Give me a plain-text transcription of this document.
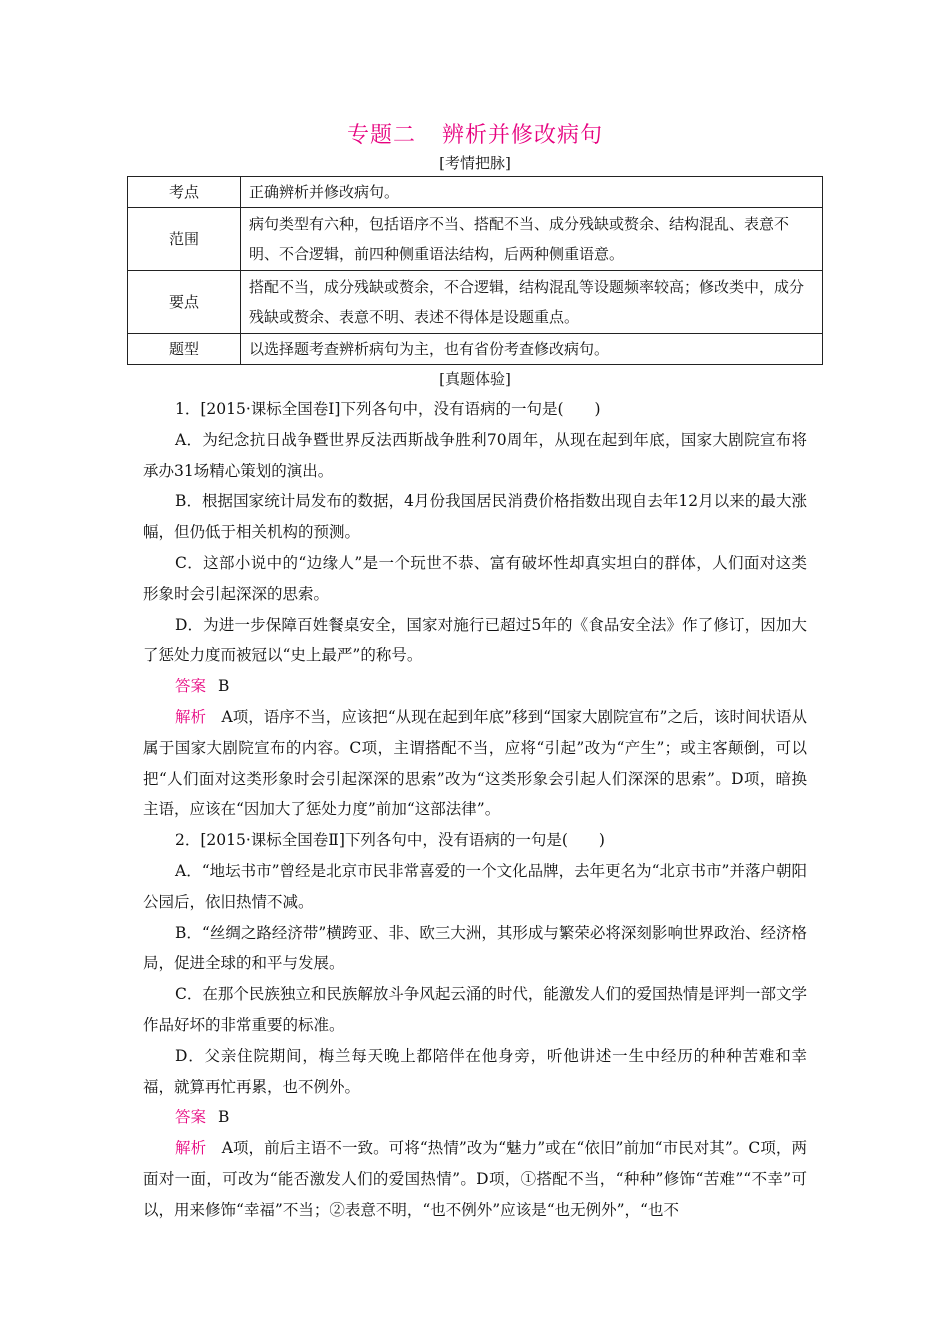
专题二 辨析并修改病句
[考情把脉]
考点	正确辨析并修改病句。
范围	病句类型有六种，包括语序不当、搭配不当、成分残缺或赘余、结构混乱、表意不明、不合逻辑，前四种侧重语法结构，后两种侧重语意。
要点	搭配不当，成分残缺或赘余，不合逻辑，结构混乱等设题频率较高；修改类中，成分残缺或赘余、表意不明、表述不得体是设题重点。
题型	以选择题考查辨析病句为主，也有省份考查修改病句。
[真题体验]

1．[2015·课标全国卷Ⅰ]下列各句中，没有语病的一句是(　　)

A．为纪念抗日战争暨世界反法西斯战争胜利70周年，从现在起到年底，国家大剧院宣布将承办31场精心策划的演出。

B．根据国家统计局发布的数据，4月份我国居民消费价格指数出现自去年12月以来的最大涨幅，但仍低于相关机构的预测。

C．这部小说中的“边缘人”是一个玩世不恭、富有破坏性却真实坦白的群体，人们面对这类形象时会引起深深的思索。

D．为进一步保障百姓餐桌安全，国家对施行已超过5年的《食品安全法》作了修订，因加大了惩处力度而被冠以“史上最严”的称号。

答案 B

解析　 A项，语序不当，应该把“从现在起到年底”移到“国家大剧院宣布”之后，该时间状语从属于国家大剧院宣布的内容。C项，主谓搭配不当，应将“引起”改为“产生”；或主客颠倒，可以把“人们面对这类形象时会引起深深的思索”改为“这类形象会引起人们深深的思索”。D项，暗换主语，应该在“因加大了惩处力度”前加“这部法律”。

2．[2015·课标全国卷Ⅱ]下列各句中，没有语病的一句是(　　)

A．“地坛书市”曾经是北京市民非常喜爱的一个文化品牌，去年更名为“北京书市”并落户朝阳公园后，依旧热情不减。

B．“丝绸之路经济带”横跨亚、非、欧三大洲，其形成与繁荣必将深刻影响世界政治、经济格局，促进全球的和平与发展。

C．在那个民族独立和民族解放斗争风起云涌的时代，能激发人们的爱国热情是评判一部文学作品好坏的非常重要的标准。

D．父亲住院期间，梅兰每天晚上都陪伴在他身旁，听他讲述一生中经历的种种苦难和幸福，就算再忙再累，也不例外。

答案 B

解析　 A项，前后主语不一致。可将“热情”改为“魅力”或在“依旧”前加“市民对其”。C项，两面对一面，可改为“能否激发人们的爱国热情”。D项，①搭配不当，“种种”修饰“苦难”“不幸”可以，用来修饰“幸福”不当；②表意不明，“也不例外”应该是“也无例外”，“也不
